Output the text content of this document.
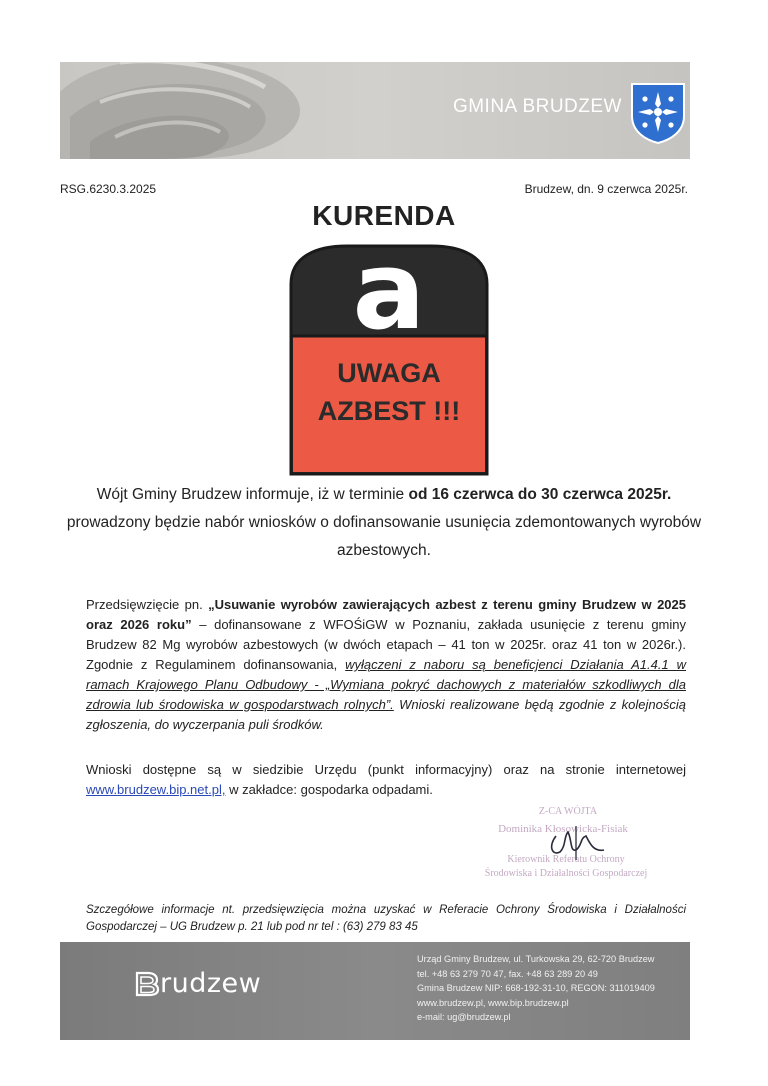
GMINA BRUDZEW
RSG.6230.3.2025	Brudzew, dn. 9 czerwca 2025r.
KURENDA
a
UWAGA
AZBEST !!!
Wójt Gminy Brudzew informuje, iż w terminie od 16 czerwca do 30 czerwca 2025r.
prowadzony będzie nabór wniosków o dofinansowanie usunięcia zdemontowanych wyrobów
azbestowych.
Przedsięwzięcie pn. „Usuwanie wyrobów zawierających azbest z terenu gminy Brudzew w 2025 oraz 2026 roku” – dofinansowane z WFOŚiGW w Poznaniu, zakłada usunięcie z terenu gminy Brudzew 82 Mg wyrobów azbestowych (w dwóch etapach – 41 ton w 2025r. oraz 41 ton w 2026r.). Zgodnie z Regulaminem dofinansowania, wyłączeni z naboru są beneficjenci Działania A1.4.1 w ramach Krajowego Planu Odbudowy - „Wymiana pokryć dachowych z materiałów szkodliwych dla zdrowia lub środowiska w gospodarstwach rolnych”. Wnioski realizowane będą zgodnie z kolejnością zgłoszenia, do wyczerpania puli środków.
Wnioski dostępne są w siedzibie Urzędu (punkt informacyjny) oraz na stronie internetowej www.brudzew.bip.net.pl, w zakładce: gospodarka odpadami.
Z-CA WÓJTA
Dominika Kłosowicka-Fisiak
Kierownik Referatu Ochrony
Środowiska i Działalności Gospodarczej
Szczegółowe informacje nt. przedsięwzięcia można uzyskać w Referacie Ochrony Środowiska i Działalności Gospodarczej – UG Brudzew p. 21 lub pod nr tel : (63) 279 83 45
rudzew
Urząd Gminy Brudzew, ul. Turkowska 29, 62-720 Brudzew
tel. +48 63 279 70 47, fax. +48 63 289 20 49
Gmina Brudzew NIP: 668-192-31-10, REGON: 311019409
www.brudzew.pl, www.bip.brudzew.pl
e-mail: ug@brudzew.pl
